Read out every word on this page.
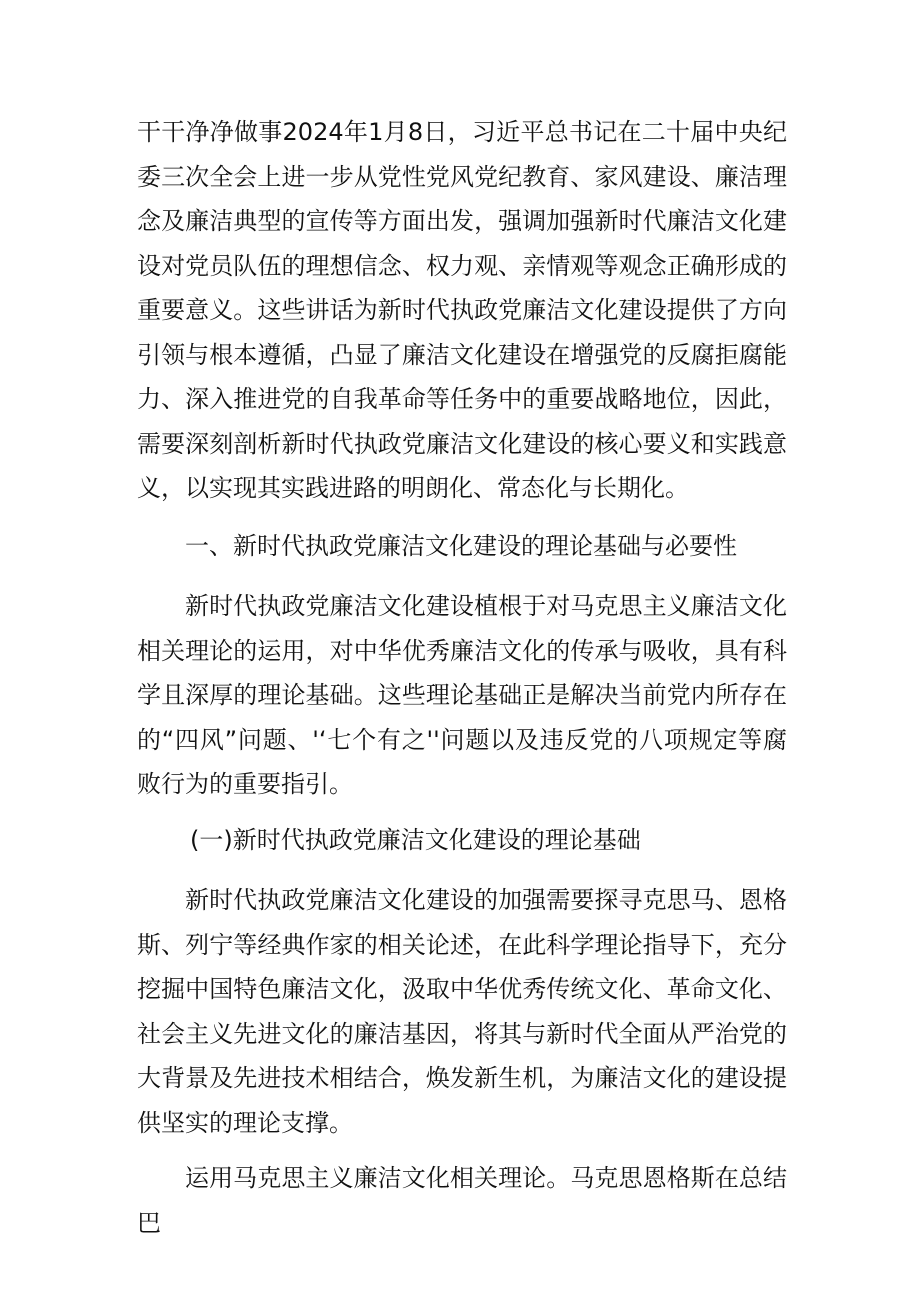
干干净净做事2024年1月8日，习近平总书记在二十届中央纪委三次全会上进一步从党性党风党纪教育、家风建设、廉洁理念及廉洁典型的宣传等方面出发，强调加强新时代廉洁文化建设对党员队伍的理想信念、权力观、亲情观等观念正确形成的重要意义。这些讲话为新时代执政党廉洁文化建设提供了方向引领与根本遵循，凸显了廉洁文化建设在增强党的反腐拒腐能力、深入推进党的自我革命等任务中的重要战略地位，因此，需要深刻剖析新时代执政党廉洁文化建设的核心要义和实践意义，以实现其实践进路的明朗化、常态化与长期化。

一、新时代执政党廉洁文化建设的理论基础与必要性

新时代执政党廉洁文化建设植根于对马克思主义廉洁文化相关理论的运用，对中华优秀廉洁文化的传承与吸收，具有科学且深厚的理论基础。这些理论基础正是解决当前党内所存在的“四风”问题、'‘七个有之''问题以及违反党的八项规定等腐败行为的重要指引。

(一)新时代执政党廉洁文化建设的理论基础

新时代执政党廉洁文化建设的加强需要探寻克思马、恩格斯、列宁等经典作家的相关论述，在此科学理论指导下，充分挖掘中国特色廉洁文化，汲取中华优秀传统文化、革命文化、社会主义先进文化的廉洁基因，将其与新时代全面从严治党的大背景及先进技术相结合，焕发新生机，为廉洁文化的建设提供坚实的理论支撑。

运用马克思主义廉洁文化相关理论。马克思恩格斯在总结巴
